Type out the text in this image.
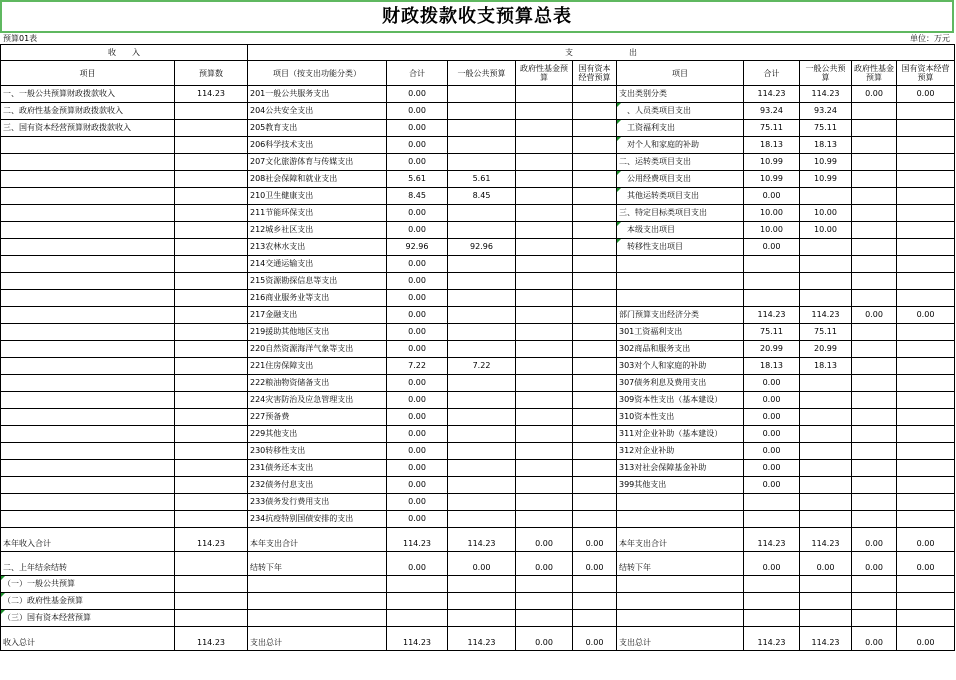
财政拨款收支预算总表
预算01表	单位：万元
收　　入		支　　　　　　　出									
项目	预算数	项目（按支出功能分类）	合计	一般公共预算	政府性基金预算	国有资本经营预算	项目	合计	一般公共预算	政府性基金预算	国有资本经营预算
一、一般公共预算财政拨款收入	114.23	201一般公共服务支出	0.00				支出类别分类	114.23	114.23	0.00	0.00
二、政府性基金预算财政拨款收入		204公共安全支出	0.00				　、人员类项目支出	93.24	93.24		
三、国有资本经营预算财政拨款收入		205教育支出	0.00				　工资福利支出	75.11	75.11		
		206科学技术支出	0.00				　对个人和家庭的补助	18.13	18.13		
		207文化旅游体育与传媒支出	0.00				二、运转类项目支出	10.99	10.99		
		208社会保障和就业支出	5.61	5.61			　公用经费项目支出	10.99	10.99		
		210卫生健康支出	8.45	8.45			　其他运转类项目支出	0.00			
		211节能环保支出	0.00				三、特定目标类项目支出	10.00	10.00		
		212城乡社区支出	0.00				　本级支出项目	10.00	10.00		
		213农林水支出	92.96	92.96			　转移性支出项目	0.00			
		214交通运输支出	0.00								
		215资源勘探信息等支出	0.00								
		216商业服务业等支出	0.00								
		217金融支出	0.00				部门预算支出经济分类	114.23	114.23	0.00	0.00
		219援助其他地区支出	0.00				301工资福利支出	75.11	75.11		
		220自然资源海洋气象等支出	0.00				302商品和服务支出	20.99	20.99		
		221住房保障支出	7.22	7.22			303对个人和家庭的补助	18.13	18.13		
		222粮油物资储备支出	0.00				307债务利息及费用支出	0.00			
		224灾害防治及应急管理支出	0.00				309资本性支出（基本建设）	0.00			
		227预备费	0.00				310资本性支出	0.00			
		229其他支出	0.00				311对企业补助（基本建设）	0.00			
		230转移性支出	0.00				312对企业补助	0.00			
		231债务还本支出	0.00				313对社会保障基金补助	0.00			
		232债务付息支出	0.00				399其他支出	0.00			
		233债务发行费用支出	0.00								
		234抗疫特别国债安排的支出	0.00								
本年收入合计	114.23	本年支出合计	114.23	114.23	0.00	0.00	本年支出合计	114.23	114.23	0.00	0.00
二、上年结余结转		结转下年	0.00	0.00	0.00	0.00	结转下年	0.00	0.00	0.00	0.00
（一）一般公共预算											
（二）政府性基金预算											
（三）国有资本经营预算											
收入总计	114.23	支出总计	114.23	114.23	0.00	0.00	支出总计	114.23	114.23	0.00	0.00
